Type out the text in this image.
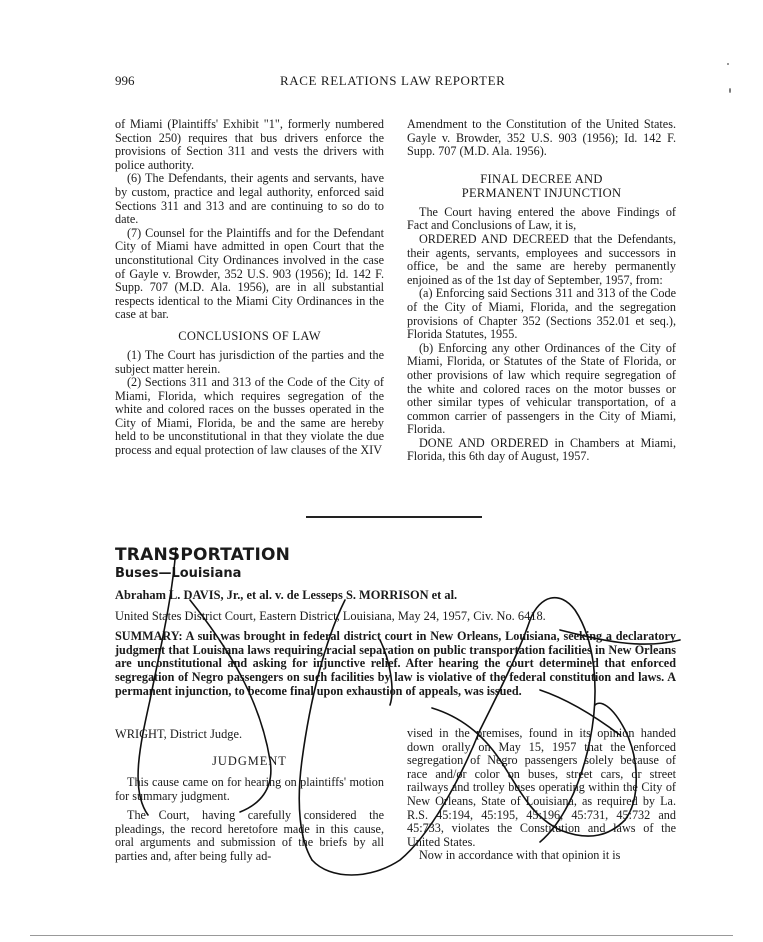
996	RACE RELATIONS LAW REPORTER

of Miami (Plaintiffs' Exhibit "1", formerly numbered Section 250) requires that bus drivers enforce the provisions of Section 311 and vests the drivers with police authority.

(6) The Defendants, their agents and servants, have by custom, practice and legal authority, enforced said Sections 311 and 313 and are continuing to so do to date.

(7) Counsel for the Plaintiffs and for the Defendant City of Miami have admitted in open Court that the unconstitutional City Ordinances involved in the case of Gayle v. Browder, 352 U.S. 903 (1956); Id. 142 F. Supp. 707 (M.D. Ala. 1956), are in all substantial respects identical to the Miami City Ordinances in the case at bar.

CONCLUSIONS OF LAW

(1) The Court has jurisdiction of the parties and the subject matter herein.

(2) Sections 311 and 313 of the Code of the City of Miami, Florida, which requires segregation of the white and colored races on the busses operated in the City of Miami, Florida, be and the same are hereby held to be unconstitutional in that they violate the due process and equal protection of law clauses of the XIV

Amendment to the Constitution of the United States. Gayle v. Browder, 352 U.S. 903 (1956); Id. 142 F. Supp. 707 (M.D. Ala. 1956).

FINAL DECREE AND

PERMANENT INJUNCTION

The Court having entered the above Findings of Fact and Conclusions of Law, it is,

ORDERED AND DECREED that the Defendants, their agents, servants, employees and successors in office, be and the same are hereby permanently enjoined as of the 1st day of September, 1957, from:

(a) Enforcing said Sections 311 and 313 of the Code of the City of Miami, Florida, and the segregation provisions of Chapter 352 (Sections 352.01 et seq.), Florida Statutes, 1955.

(b) Enforcing any other Ordinances of the City of Miami, Florida, or Statutes of the State of Florida, or other provisions of law which require segregation of the white and colored races on the motor busses or other similar types of vehicular transportation, of a common carrier of passengers in the City of Miami, Florida.

DONE AND ORDERED in Chambers at Miami, Florida, this 6th day of August, 1957.

TRANSPORTATION
Buses—Louisiana
Abraham L. DAVIS, Jr., et al. v. de Lesseps S. MORRISON et al.
United States District Court, Eastern District, Louisiana, May 24, 1957, Civ. No. 6418.
SUMMARY: A suit was brought in federal district court in New Orleans, Louisiana, seeking a declaratory judgment that Louisiana laws requiring racial separation on public transportation facilities in New Orleans are unconstitutional and asking for injunctive relief. After hearing the court determined that enforced segregation of Negro passengers on such facilities by law is violative of the federal constitution and laws. A permanent injunction, to become final upon exhaustion of appeals, was issued.
WRIGHT, District Judge.
JUDGMENT

This cause came on for hearing on plaintiffs' motion for summary judgment.

The Court, having carefully considered the pleadings, the record heretofore made in this cause, oral arguments and submission of the briefs by all parties and, after being fully ad-

vised in the premises, found in its opinion handed down orally on May 15, 1957 that the enforced segregation of Negro passengers solely because of race and/or color on buses, street cars, or street railways and trolley buses operating within the City of New Orleans, State of Louisiana, as required by La. R.S. 45:194, 45:195, 45:196, 45:731, 45:732 and 45:733, violates the Constitution and laws of the United States.

Now in accordance with that opinion it is
